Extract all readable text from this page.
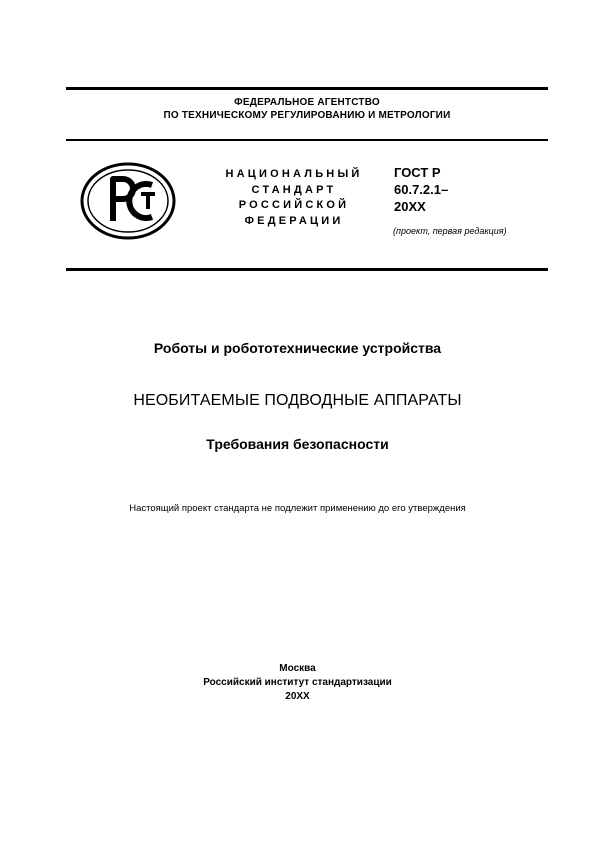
ФЕДЕРАЛЬНОЕ АГЕНТСТВО
ПО ТЕХНИЧЕСКОМУ РЕГУЛИРОВАНИЮ И МЕТРОЛОГИИ
НАЦИОНАЛЬНЫЙ
СТАНДАРТ
РОССИЙСКОЙ
ФЕДЕРАЦИИ
ГОСТ Р
60.7.2.1–
20XX
(проект, первая редакция)
Роботы и робототехнические устройства
НЕОБИТАЕМЫЕ ПОДВОДНЫЕ АППАРАТЫ
Требования безопасности
Настоящий проект стандарта не подлежит применению до его утверждения
Москва
Российский институт стандартизации
20XX
